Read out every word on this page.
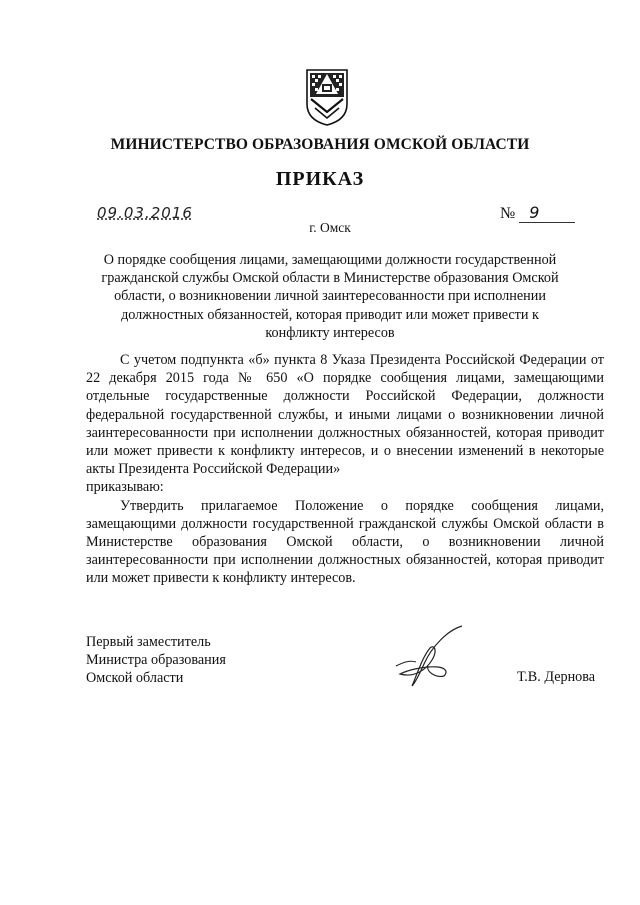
МИНИСТЕРСТВО ОБРАЗОВАНИЯ ОМСКОЙ ОБЛАСТИ
ПРИКАЗ
09.03.2016	№ 9
г. Омск
О порядке сообщения лицами, замещающими должности государственной гражданской службы Омской области в Министерстве образования Омской области, о возникновении личной заинтересованности при исполнении должностных обязанностей, которая приводит или может привести к конфликту интересов

С учетом подпункта «б» пункта 8 Указа Президента Российской Федерации от 22 декабря 2015 года № 650 «О порядке сообщения лицами, замещающими отдельные государственные должности Российской Федерации, должности федеральной государственной службы, и иными лицами о возникновении личной заинтересованности при исполнении должностных обязанностей, которая приводит или может привести к конфликту интересов, и о внесении изменений в некоторые акты Президента Российской Федерации»

приказываю:

Утвердить прилагаемое Положение о порядке сообщения лицами, замещающими должности государственной гражданской службы Омской области в Министерстве образования Омской области, о возникновении личной заинтересованности при исполнении должностных обязанностей, которая приводит или может привести к конфликту интересов.

Первый заместитель
Министра образования
Омской области	Т.В. Дернова
